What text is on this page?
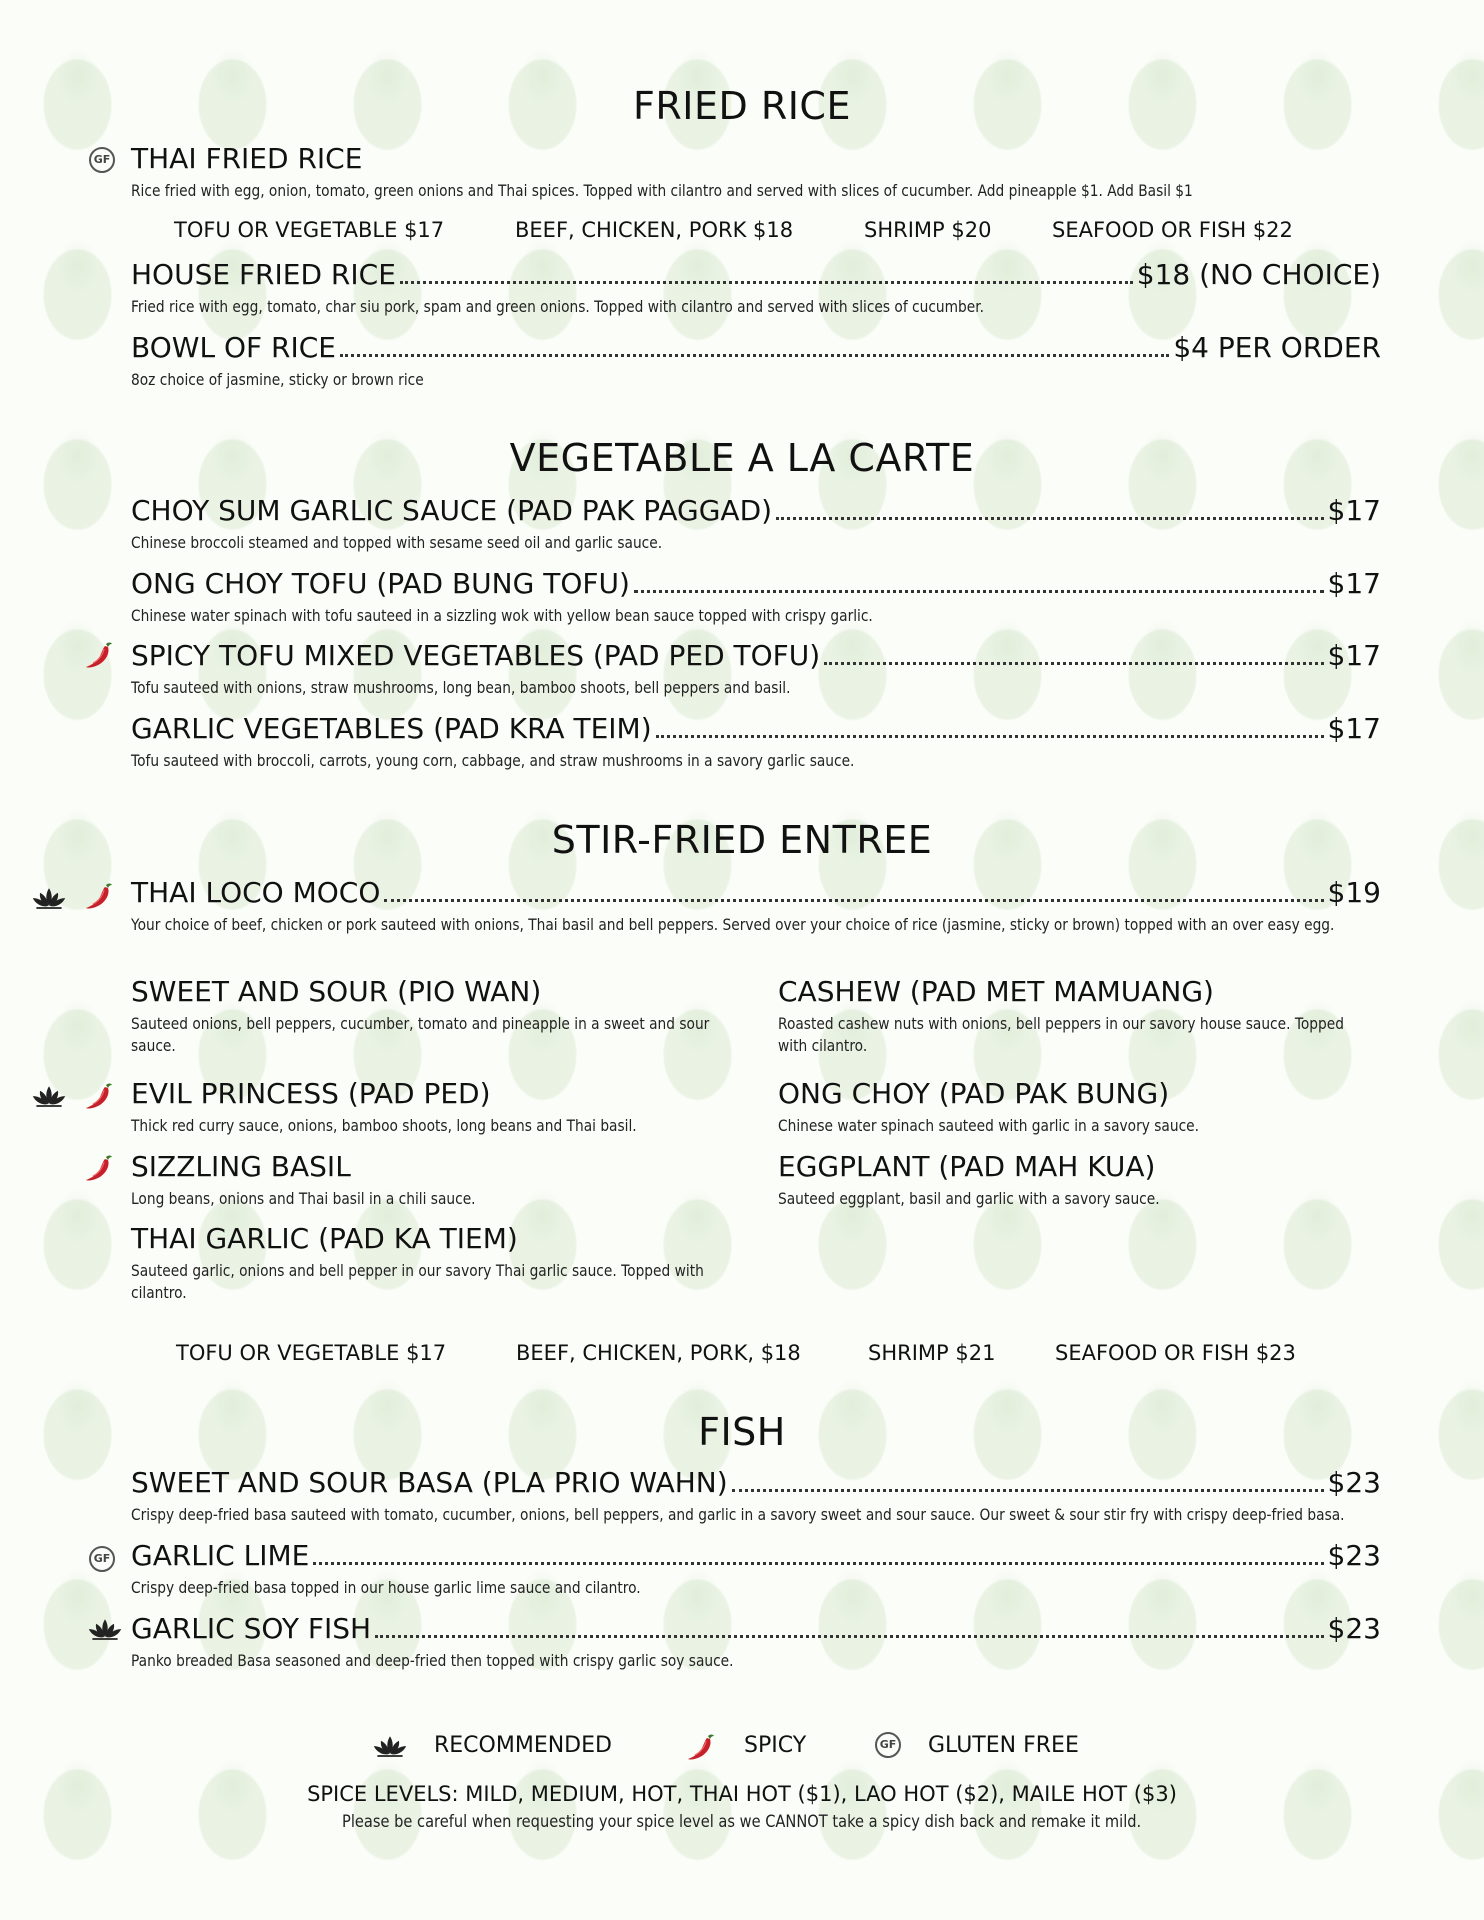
FRIED RICE
GF THAI FRIED RICE
Rice fried with egg, onion, tomato, green onions and Thai spices. Topped with cilantro and served with slices of cucumber. Add pineapple $1. Add Basil $1
TOFU OR VEGETABLE $17	BEEF, CHICKEN, PORK $18	SHRIMP $20	SEAFOOD OR FISH $22
HOUSE FRIED RICE	$18 (NO CHOICE)
Fried rice with egg, tomato, char siu pork, spam and green onions. Topped with cilantro and served with slices of cucumber.
BOWL OF RICE	$4 PER ORDER
8oz choice of jasmine, sticky or brown rice
VEGETABLE A LA CARTE
CHOY SUM GARLIC SAUCE (PAD PAK PAGGAD)	$17
Chinese broccoli steamed and topped with sesame seed oil and garlic sauce.
ONG CHOY TOFU (PAD BUNG TOFU)	$17
Chinese water spinach with tofu sauteed in a sizzling wok with yellow bean sauce topped with crispy garlic.
SPICY TOFU MIXED VEGETABLES (PAD PED TOFU)	$17
Tofu sauteed with onions, straw mushrooms, long bean, bamboo shoots, bell peppers and basil.
GARLIC VEGETABLES (PAD KRA TEIM)	$17
Tofu sauteed with broccoli, carrots, young corn, cabbage, and straw mushrooms in a savory garlic sauce.
STIR-FRIED ENTREE
THAI LOCO MOCO	$19
Your choice of beef, chicken or pork sauteed with onions, Thai basil and bell peppers. Served over your choice of rice (jasmine, sticky or brown) topped with an over easy egg.
SWEET AND SOUR (PIO WAN)
Sauteed onions, bell peppers, cucumber, tomato and pineapple in a sweet and sour sauce.
EVIL PRINCESS (PAD PED)
Thick red curry sauce, onions, bamboo shoots, long beans and Thai basil.
SIZZLING BASIL
Long beans, onions and Thai basil in a chili sauce.
THAI GARLIC (PAD KA TIEM)
Sauteed garlic, onions and bell pepper in our savory Thai garlic sauce. Topped with cilantro.
CASHEW (PAD MET MAMUANG)
Roasted cashew nuts with onions, bell peppers in our savory house sauce. Topped with cilantro.
ONG CHOY (PAD PAK BUNG)
Chinese water spinach sauteed with garlic in a savory sauce.
EGGPLANT (PAD MAH KUA)
Sauteed eggplant, basil and garlic with a savory sauce.
TOFU OR VEGETABLE $17	BEEF, CHICKEN, PORK, $18	SHRIMP $21	SEAFOOD OR FISH $23
FISH
SWEET AND SOUR BASA (PLA PRIO WAHN)	$23
Crispy deep-fried basa sauteed with tomato, cucumber, onions, bell peppers, and garlic in a savory sweet and sour sauce. Our sweet & sour stir fry with crispy deep-fried basa.
GF GARLIC LIME	$23
Crispy deep-fried basa topped in our house garlic lime sauce and cilantro.
GARLIC SOY FISH	$23
Panko breaded Basa seasoned and deep-fried then topped with crispy garlic soy sauce.
RECOMMENDED	SPICY	GF GLUTEN FREE
SPICE LEVELS: MILD, MEDIUM, HOT, THAI HOT ($1), LAO HOT ($2), MAILE HOT ($3)
Please be careful when requesting your spice level as we CANNOT take a spicy dish back and remake it mild.
